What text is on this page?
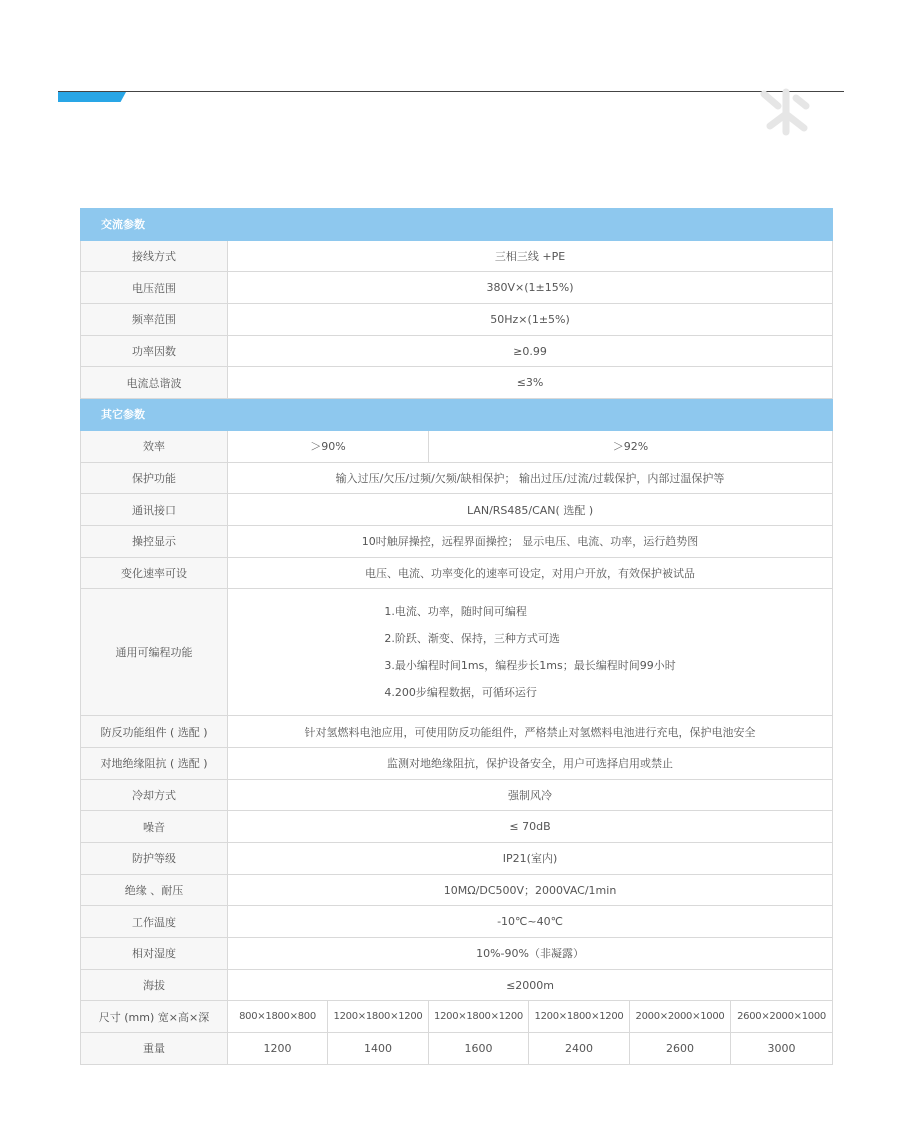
交流参数						
接线方式	三相三线 +PE					
电压范围	380V×(1±15%)					
频率范围	50Hz×(1±5%)					
功率因数	≥0.99					
电流总谐波	≤3%					
其它参数						
效率	＞90%		＞92%			
保护功能	输入过压/欠压/过频/欠频/缺相保护； 输出过压/过流/过载保护，内部过温保护等					
通讯接口	LAN/RS485/CAN( 选配 )					
操控显示	10吋触屏操控，远程界面操控； 显示电压、电流、功率，运行趋势图					
变化速率可设	电压、电流、功率变化的速率可设定，对用户开放，有效保护被试品					
通用可编程功能	1.电流、功率，随时间可编程
2.阶跃、渐变、保持，三种方式可选
3.最小编程时间1ms，编程步长1ms；最长编程时间99小时
4.200步编程数据，可循环运行					

防反功能组件 ( 选配 )	针对氢燃料电池应用，可使用防反功能组件，严格禁止对氢燃料电池进行充电，保护电池安全					
对地绝缘阻抗 ( 选配 )	监测对地绝缘阻抗，保护设备安全，用户可选择启用或禁止					
冷却方式	强制风冷					
噪音	≤ 70dB					
防护等级	IP21(室内)					
绝缘 、耐压	10MΩ/DC500V；2000VAC/1min					
工作温度	-10℃~40℃					
相对湿度	10%-90%（非凝露）					
海拔	≤2000m					
尺寸 (mm) 宽×高×深	800×1800×800	1200×1800×1200	1200×1800×1200	1200×1800×1200	2000×2000×1000	2600×2000×1000
重量	1200	1400	1600	2400	2600	3000
